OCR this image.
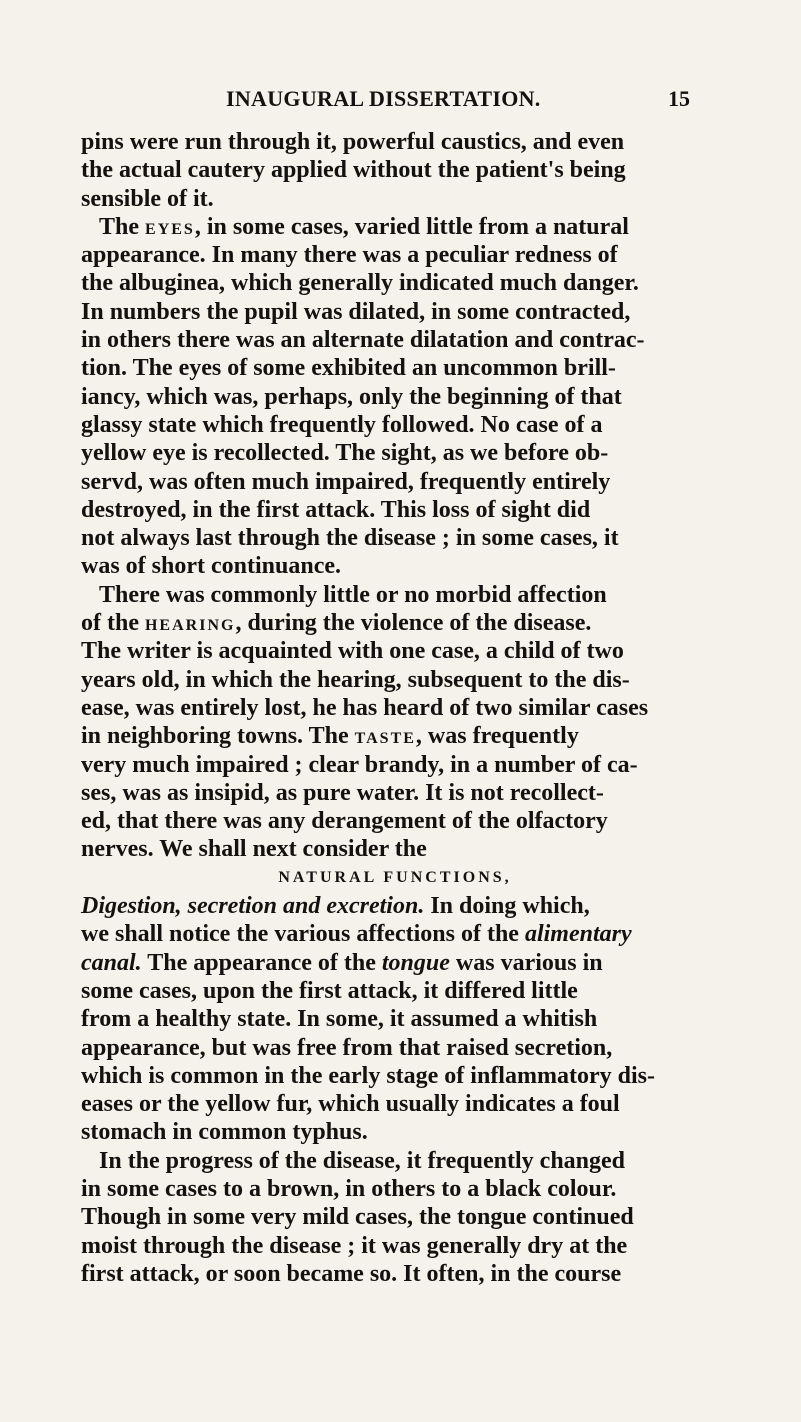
INAUGURAL DISSERTATION.	15
pins were run through it, powerful caustics, and even
the actual cautery applied without the patient's being
sensible of it.
The EYES, in some cases, varied little from a natural
appearance. In many there was a peculiar redness of
the albuginea, which generally indicated much danger.
In numbers the pupil was dilated, in some contracted,
in others there was an alternate dilatation and contrac-
tion. The eyes of some exhibited an uncommon brill-
iancy, which was, perhaps, only the beginning of that
glassy state which frequently followed. No case of a
yellow eye is recollected. The sight, as we before ob-
servd, was often much impaired, frequently entirely
destroyed, in the first attack. This loss of sight did
not always last through the disease ; in some cases, it
was of short continuance.
There was commonly little or no morbid affection
of the HEARING, during the violence of the disease.
The writer is acquainted with one case, a child of two
years old, in which the hearing, subsequent to the dis-
ease, was entirely lost, he has heard of two similar cases
in neighboring towns. The TASTE, was frequently
very much impaired ; clear brandy, in a number of ca-
ses, was as insipid, as pure water. It is not recollect-
ed, that there was any derangement of the olfactory
nerves. We shall next consider the
NATURAL FUNCTIONS,
Digestion, secretion and excretion. In doing which,
we shall notice the various affections of the alimentary
canal. The appearance of the tongue was various in
some cases, upon the first attack, it differed little
from a healthy state. In some, it assumed a whitish
appearance, but was free from that raised secretion,
which is common in the early stage of inflammatory dis-
eases or the yellow fur, which usually indicates a foul
stomach in common typhus.
In the progress of the disease, it frequently changed
in some cases to a brown, in others to a black colour.
Though in some very mild cases, the tongue continued
moist through the disease ; it was generally dry at the
first attack, or soon became so. It often, in the course
